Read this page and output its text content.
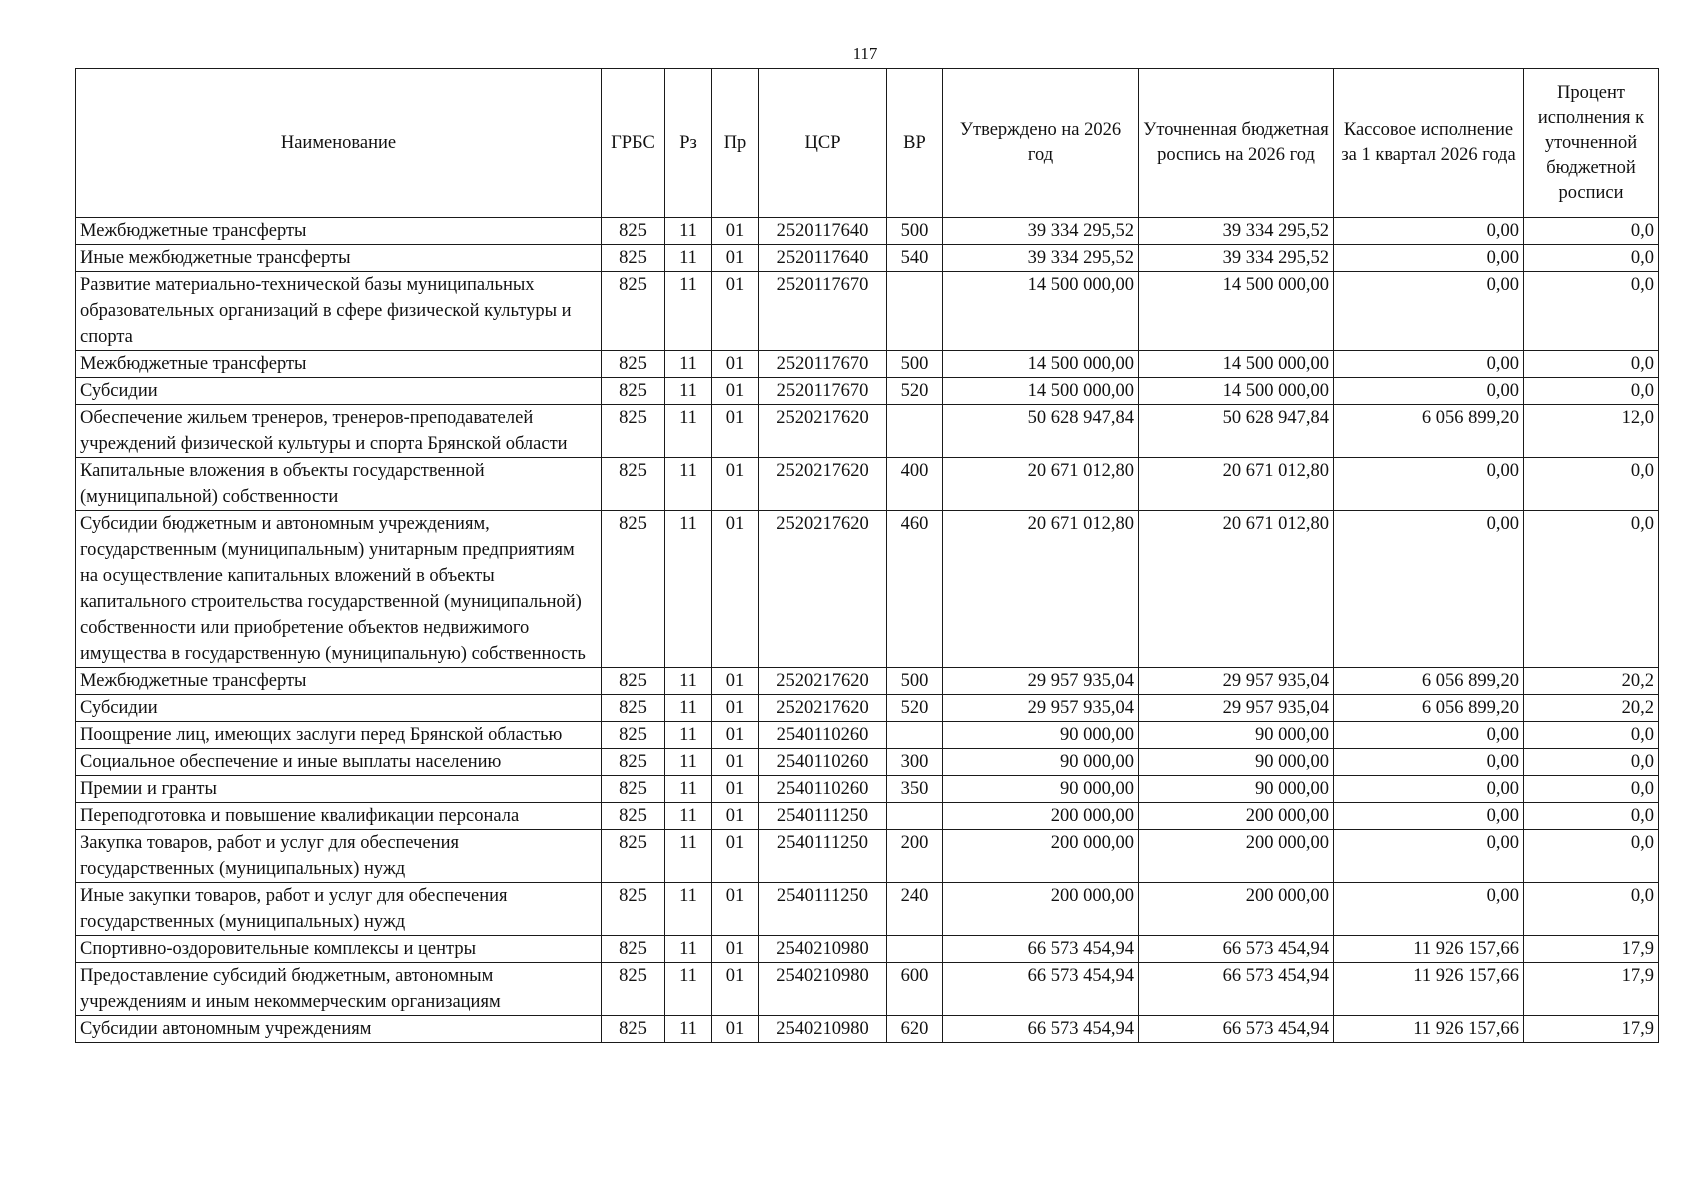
117
Наименование	ГРБС	Рз	Пр	ЦСР	ВР	Утверждено на 2026 год	Уточненная бюджетная роспись на 2026 год	Кассовое исполнение за 1 квартал 2026 года	Процент исполнения к уточненной бюджетной росписи
Межбюджетные трансферты	825	11	01	2520117640	500	39 334 295,52	39 334 295,52	0,00	0,0
Иные межбюджетные трансферты	825	11	01	2520117640	540	39 334 295,52	39 334 295,52	0,00	0,0
Развитие материально-технической базы муниципальных образовательных организаций в сфере физической культуры и спорта	825	11	01	2520117670		14 500 000,00	14 500 000,00	0,00	0,0
Межбюджетные трансферты	825	11	01	2520117670	500	14 500 000,00	14 500 000,00	0,00	0,0
Субсидии	825	11	01	2520117670	520	14 500 000,00	14 500 000,00	0,00	0,0
Обеспечение жильем тренеров, тренеров-преподавателей учреждений физической культуры и спорта Брянской области	825	11	01	2520217620		50 628 947,84	50 628 947,84	6 056 899,20	12,0
Капитальные вложения в объекты государственной (муниципальной) собственности	825	11	01	2520217620	400	20 671 012,80	20 671 012,80	0,00	0,0
Субсидии бюджетным и автономным учреждениям, государственным (муниципальным) унитарным предприятиям на осуществление капитальных вложений в объекты капитального строительства государственной (муниципальной) собственности или приобретение объектов недвижимого имущества в государственную (муниципальную) собственность	825	11	01	2520217620	460	20 671 012,80	20 671 012,80	0,00	0,0
Межбюджетные трансферты	825	11	01	2520217620	500	29 957 935,04	29 957 935,04	6 056 899,20	20,2
Субсидии	825	11	01	2520217620	520	29 957 935,04	29 957 935,04	6 056 899,20	20,2
Поощрение лиц, имеющих заслуги перед Брянской областью	825	11	01	2540110260		90 000,00	90 000,00	0,00	0,0
Социальное обеспечение и иные выплаты населению	825	11	01	2540110260	300	90 000,00	90 000,00	0,00	0,0
Премии и гранты	825	11	01	2540110260	350	90 000,00	90 000,00	0,00	0,0
Переподготовка и повышение квалификации персонала	825	11	01	2540111250		200 000,00	200 000,00	0,00	0,0
Закупка товаров, работ и услуг для обеспечения государственных (муниципальных) нужд	825	11	01	2540111250	200	200 000,00	200 000,00	0,00	0,0
Иные закупки товаров, работ и услуг для обеспечения государственных (муниципальных) нужд	825	11	01	2540111250	240	200 000,00	200 000,00	0,00	0,0
Спортивно-оздоровительные комплексы и центры	825	11	01	2540210980		66 573 454,94	66 573 454,94	11 926 157,66	17,9
Предоставление субсидий бюджетным, автономным учреждениям и иным некоммерческим организациям	825	11	01	2540210980	600	66 573 454,94	66 573 454,94	11 926 157,66	17,9
Субсидии автономным учреждениям	825	11	01	2540210980	620	66 573 454,94	66 573 454,94	11 926 157,66	17,9
